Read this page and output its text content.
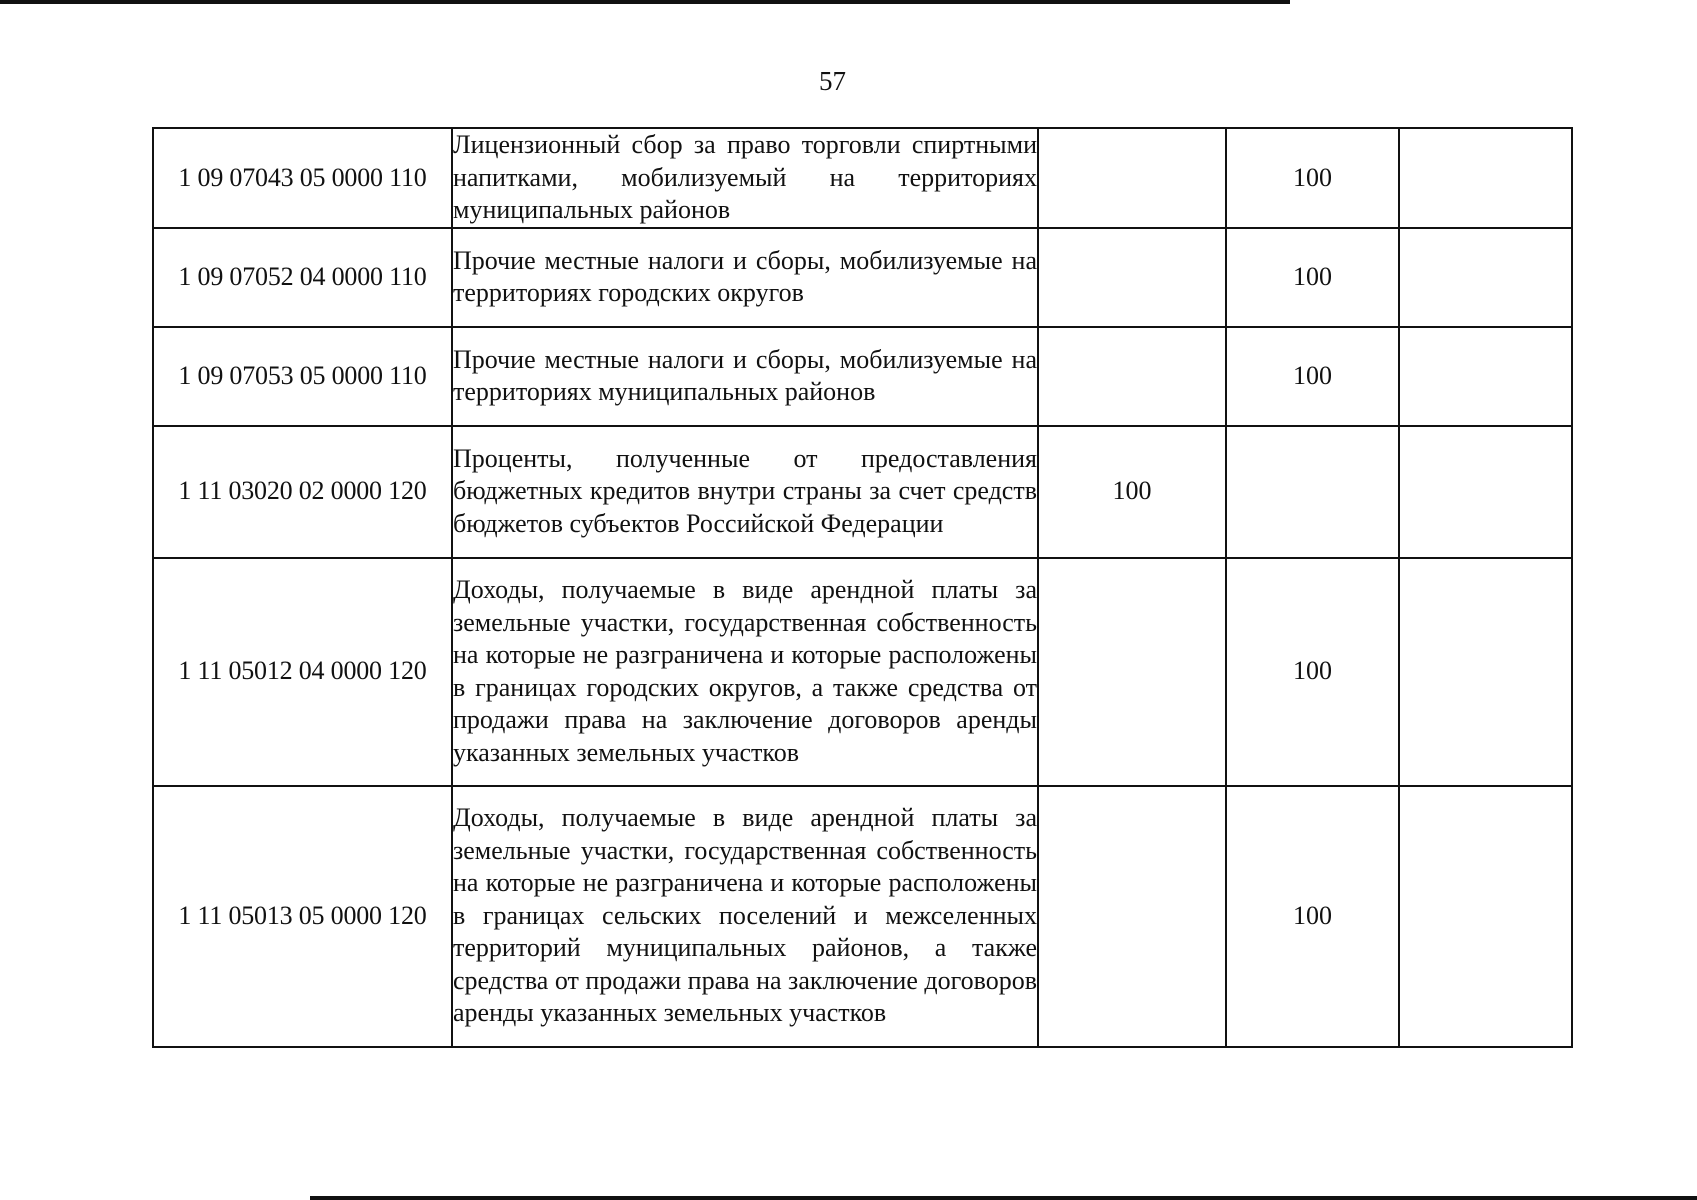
57
1 09 07043 05 0000 110	Лицензионный сбор за право торговли спиртными напитками, мобилизуемый на территориях муниципальных районов		100	
1 09 07052 04 0000 110	Прочие местные налоги и сборы, мобилизуемые на территориях городских округов		100	
1 09 07053 05 0000 110	Прочие местные налоги и сборы, мобилизуемые на территориях муниципальных районов		100	
1 11 03020 02 0000 120	Проценты, полученные от предоставления бюджетных кредитов внутри страны за счет средств бюджетов субъектов Российской Федерации	100		
1 11 05012 04 0000 120	Доходы, получаемые в виде арендной платы за земельные участки, государственная собственность на которые не разграничена и которые расположены в границах городских округов, а также средства от продажи права на заключение договоров аренды указанных земельных участков		100	
1 11 05013 05 0000 120	Доходы, получаемые в виде арендной платы за земельные участки, государственная собственность на которые не разграничена и которые расположены в границах сельских поселений и межселенных территорий муниципальных районов, а также средства от продажи права на заключение договоров аренды указанных земельных участков		100	
